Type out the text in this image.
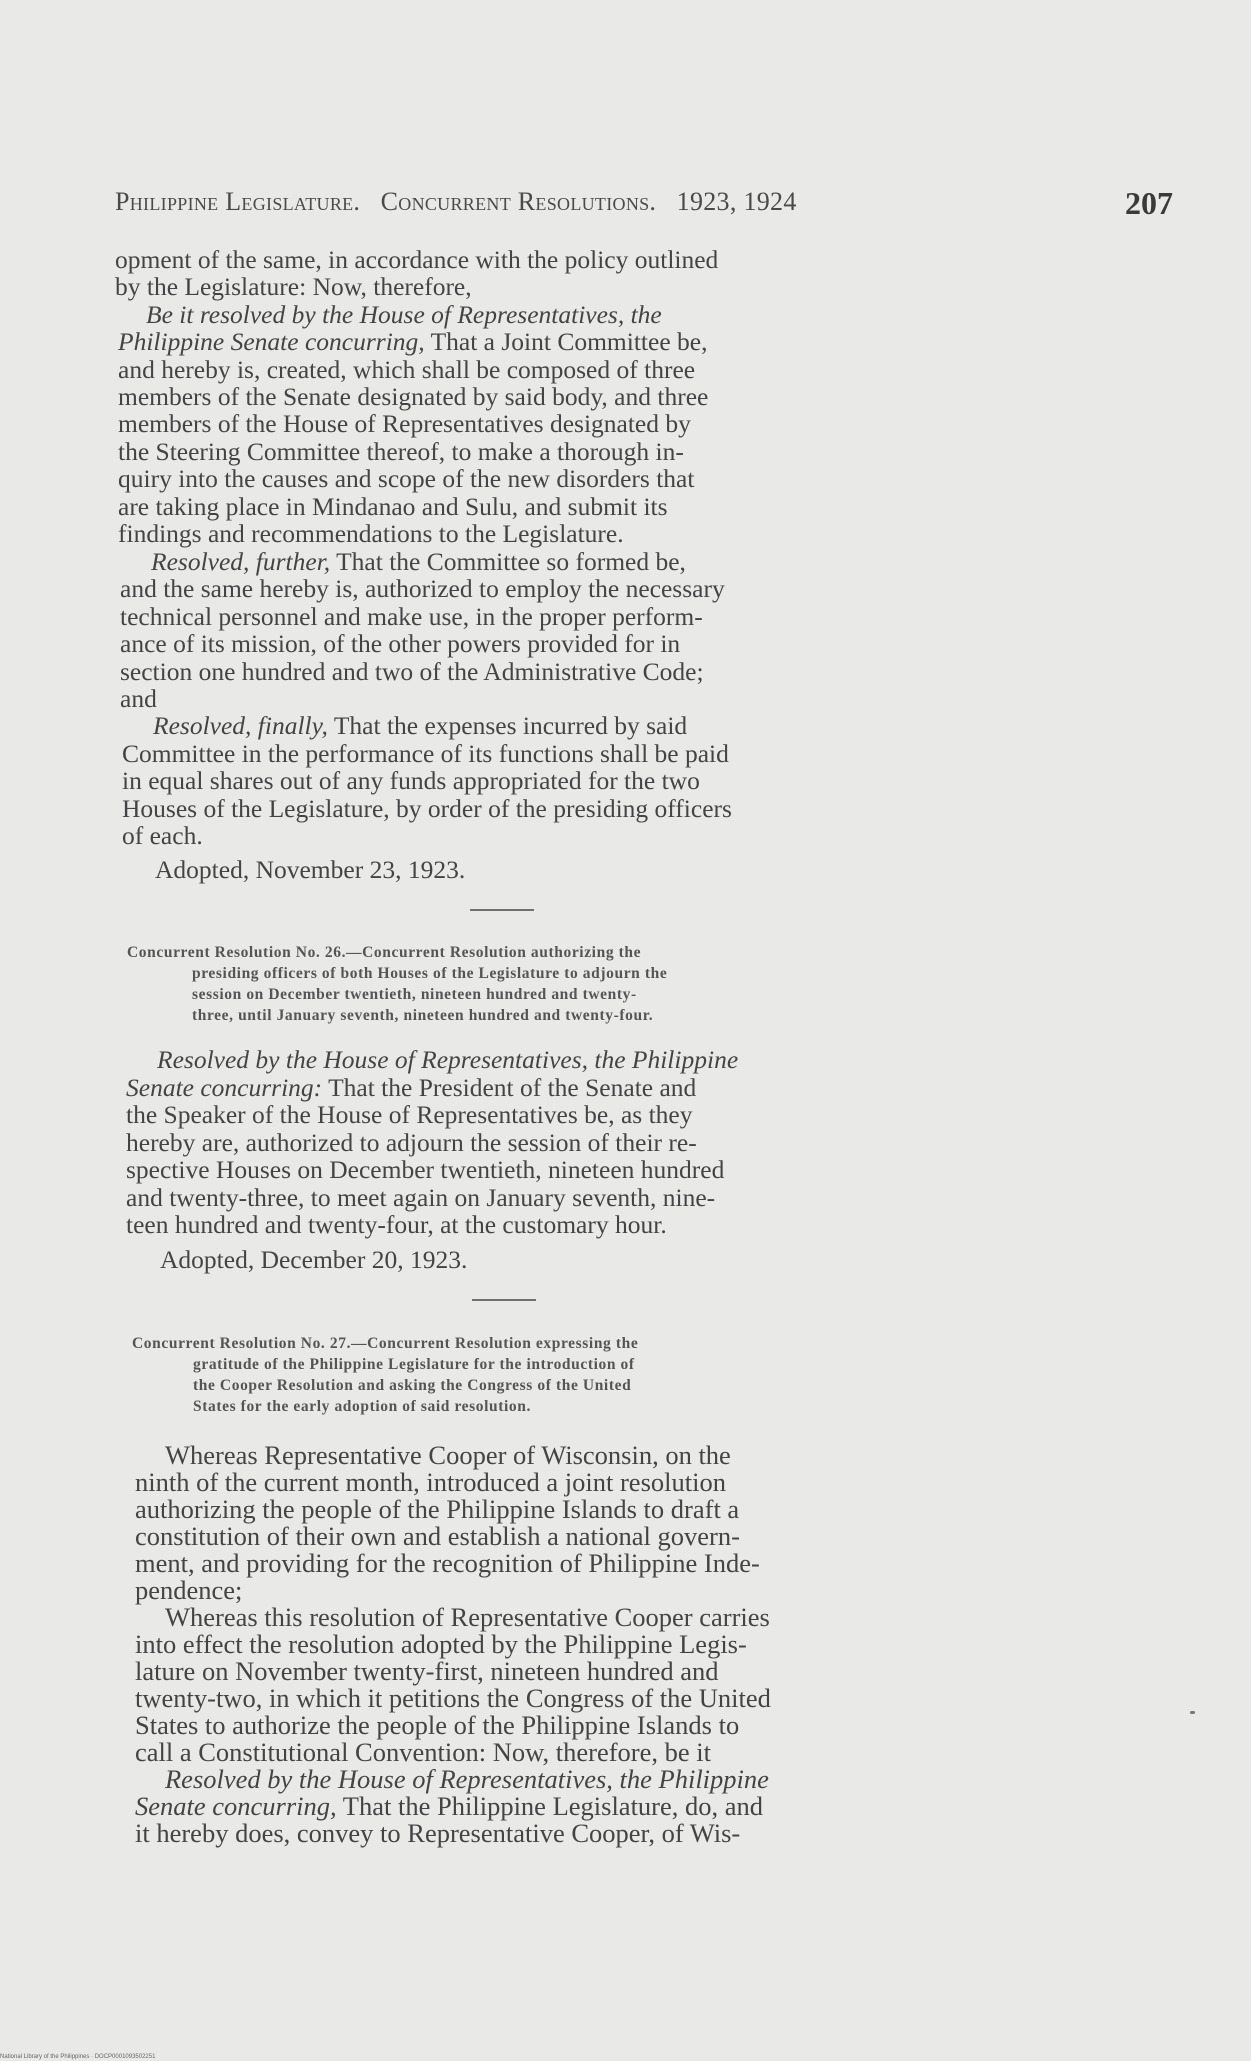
Philippine Legislature. Concurrent Resolutions. 1923, 1924	207
opment of the same, in accordance with the policy outlined
by the Legislature: Now, therefore,
Be it resolved by the House of Representatives, the
Philippine Senate concurring, That a Joint Committee be,
and hereby is, created, which shall be composed of three
members of the Senate designated by said body, and three
members of the House of Representatives designated by
the Steering Committee thereof, to make a thorough in-
quiry into the causes and scope of the new disorders that
are taking place in Mindanao and Sulu, and submit its
findings and recommendations to the Legislature.
Resolved, further, That the Committee so formed be,
and the same hereby is, authorized to employ the necessary
technical personnel and make use, in the proper perform-
ance of its mission, of the other powers provided for in
section one hundred and two of the Administrative Code;
and
Resolved, finally, That the expenses incurred by said
Committee in the performance of its functions shall be paid
in equal shares out of any funds appropriated for the two
Houses of the Legislature, by order of the presiding officers
of each.
Adopted, November 23, 1923.
Concurrent Resolution No. 26.—Concurrent Resolution authorizing the
presiding officers of both Houses of the Legislature to adjourn the
session on December twentieth, nineteen hundred and twenty-
three, until January seventh, nineteen hundred and twenty-four.
Resolved by the House of Representatives, the Philippine
Senate concurring: That the President of the Senate and
the Speaker of the House of Representatives be, as they
hereby are, authorized to adjourn the session of their re-
spective Houses on December twentieth, nineteen hundred
and twenty-three, to meet again on January seventh, nine-
teen hundred and twenty-four, at the customary hour.
Adopted, December 20, 1923.
Concurrent Resolution No. 27.—Concurrent Resolution expressing the
gratitude of the Philippine Legislature for the introduction of
the Cooper Resolution and asking the Congress of the United
States for the early adoption of said resolution.
Whereas Representative Cooper of Wisconsin, on the
ninth of the current month, introduced a joint resolution
authorizing the people of the Philippine Islands to draft a
constitution of their own and establish a national govern-
ment, and providing for the recognition of Philippine Inde-
pendence;
Whereas this resolution of Representative Cooper carries
into effect the resolution adopted by the Philippine Legis-
lature on November twenty-first, nineteen hundred and
twenty-two, in which it petitions the Congress of the United
States to authorize the people of the Philippine Islands to
call a Constitutional Convention: Now, therefore, be it
Resolved by the House of Representatives, the Philippine
Senate concurring, That the Philippine Legislature, do, and
it hereby does, convey to Representative Cooper, of Wis-
National Library of the Philippines · DOCP0001093502251
